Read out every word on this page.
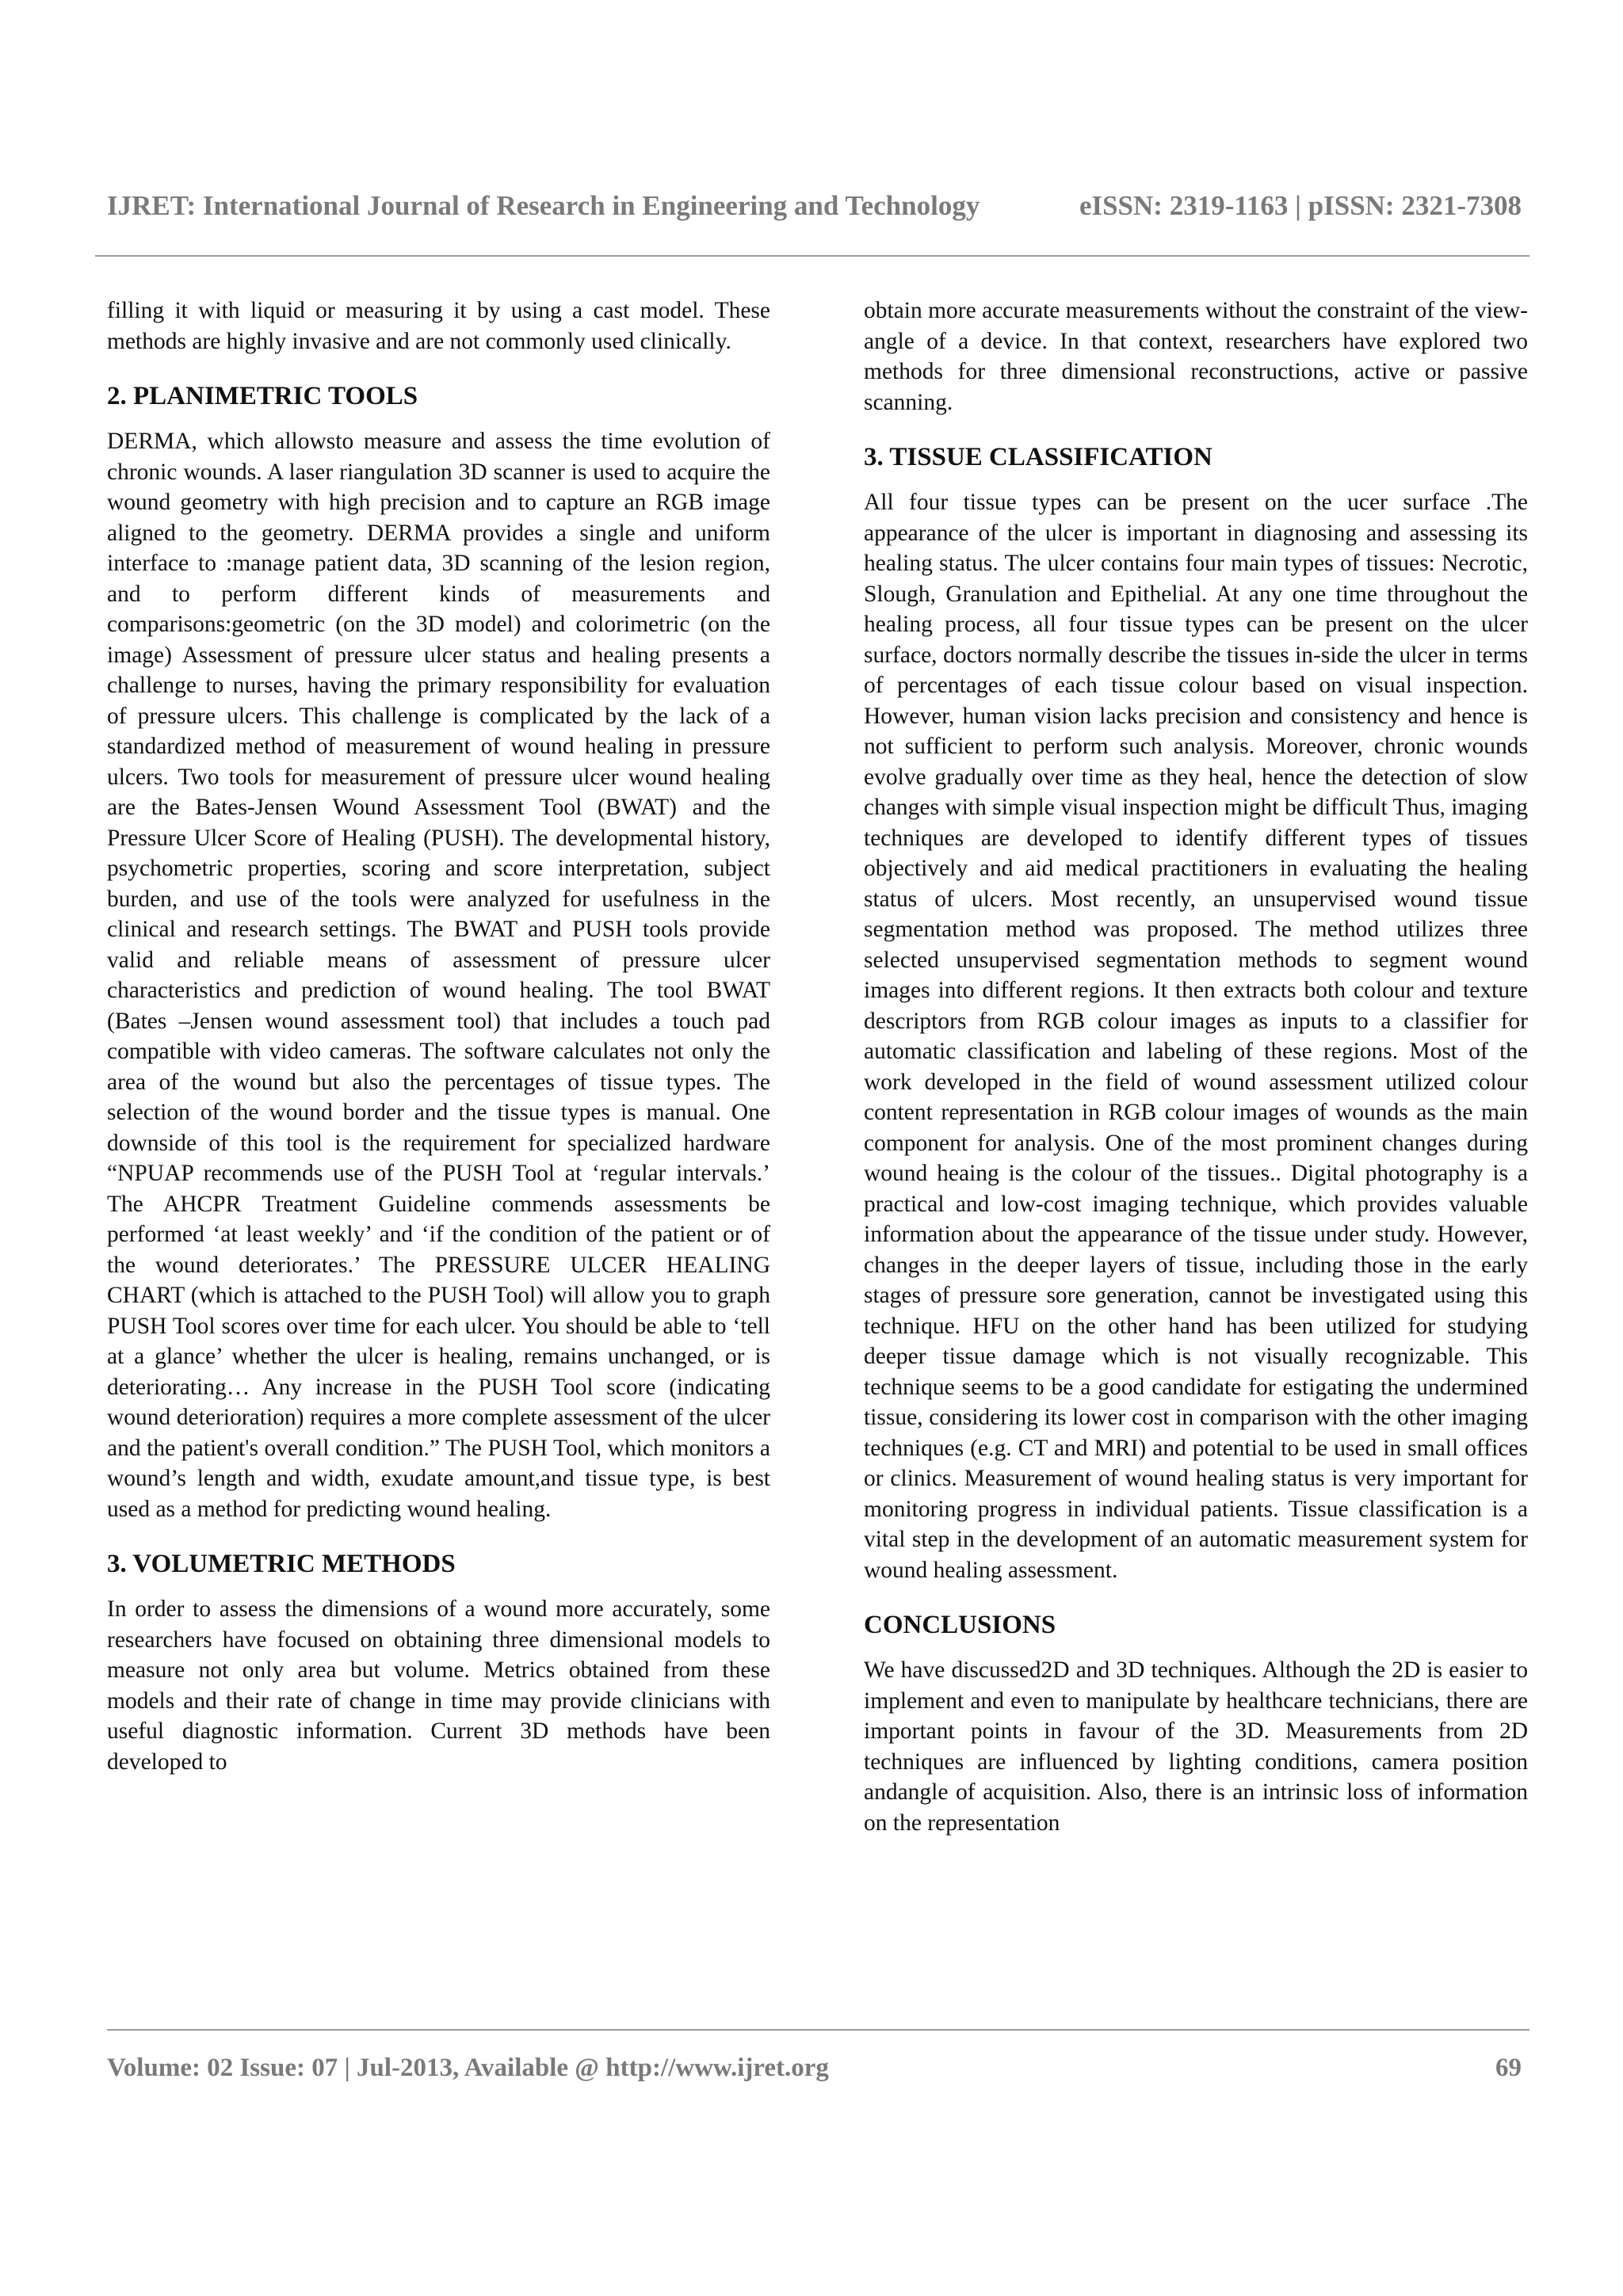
IJRET: International Journal of Research in Engineering and Technology	eISSN: 2319-1163 | pISSN: 2321-7308

filling it with liquid or measuring it by using a cast model. These methods are highly invasive and are not commonly used clinically.

2. PLANIMETRIC TOOLS

DERMA, which allowsto measure and assess the time evolution of chronic wounds. A laser riangulation 3D scanner is used to acquire the wound geometry with high precision and to capture an RGB image aligned to the geometry. DERMA provides a single and uniform interface to :manage patient data, 3D scanning of the lesion region, and to perform different kinds of measurements and comparisons:geometric (on the 3D model) and colorimetric (on the image) Assessment of pressure ulcer status and healing presents a challenge to nurses, having the primary responsibility for evaluation of pressure ulcers. This challenge is complicated by the lack of a standardized method of measurement of wound healing in pressure ulcers. Two tools for measurement of pressure ulcer wound healing are the Bates-Jensen Wound Assessment Tool (BWAT) and the Pressure Ulcer Score of Healing (PUSH). The developmental history, psychometric properties, scoring and score interpretation, subject burden, and use of the tools were analyzed for usefulness in the clinical and research settings. The BWAT and PUSH tools provide valid and reliable means of assessment of pressure ulcer characteristics and prediction of wound healing. The tool BWAT (Bates –Jensen wound assessment tool) that includes a touch pad compatible with video cameras. The software calculates not only the area of the wound but also the percentages of tissue types. The selection of the wound border and the tissue types is manual. One downside of this tool is the requirement for specialized hardware “NPUAP recommends use of the PUSH Tool at ‘regular intervals.’ The AHCPR Treatment Guideline commends assessments be performed ‘at least weekly’ and ‘if the condition of the patient or of the wound deteriorates.’ The PRESSURE ULCER HEALING CHART (which is attached to the PUSH Tool) will allow you to graph PUSH Tool scores over time for each ulcer. You should be able to ‘tell at a glance’ whether the ulcer is healing, remains unchanged, or is deteriorating… Any increase in the PUSH Tool score (indicating wound deterioration) requires a more complete assessment of the ulcer and the patient's overall condition.” The PUSH Tool, which monitors a wound’s length and width, exudate amount,and tissue type, is best used as a method for predicting wound healing.

3. VOLUMETRIC METHODS

In order to assess the dimensions of a wound more accurately, some researchers have focused on obtaining three dimensional models to measure not only area but volume. Metrics obtained from these models and their rate of change in time may provide clinicians with useful diagnostic information. Current 3D methods have been developed to

obtain more accurate measurements without the constraint of the view-angle of a device. In that context, researchers have explored two methods for three dimensional reconstructions, active or passive scanning.

3. TISSUE CLASSIFICATION

All four tissue types can be present on the ucer surface .The appearance of the ulcer is important in diagnosing and assessing its healing status. The ulcer contains four main types of tissues: Necrotic, Slough, Granulation and Epithelial. At any one time throughout the healing process, all four tissue types can be present on the ulcer surface, doctors normally describe the tissues in-side the ulcer in terms of percentages of each tissue colour based on visual inspection. However, human vision lacks precision and consistency and hence is not sufficient to perform such analysis. Moreover, chronic wounds evolve gradually over time as they heal, hence the detection of slow changes with simple visual inspection might be difficult Thus, imaging techniques are developed to identify different types of tissues objectively and aid medical practitioners in evaluating the healing status of ulcers. Most recently, an unsupervised wound tissue segmentation method was proposed. The method utilizes three selected unsupervised segmentation methods to segment wound images into different regions. It then extracts both colour and texture descriptors from RGB colour images as inputs to a classifier for automatic classification and labeling of these regions. Most of the work developed in the field of wound assessment utilized colour content representation in RGB colour images of wounds as the main component for analysis. One of the most prominent changes during wound heaing is the colour of the tissues.. Digital photography is a practical and low-cost imaging technique, which provides valuable information about the appearance of the tissue under study. However, changes in the deeper layers of tissue, including those in the early stages of pressure sore generation, cannot be investigated using this technique. HFU on the other hand has been utilized for studying deeper tissue damage which is not visually recognizable. This technique seems to be a good candidate for estigating the undermined tissue, considering its lower cost in comparison with the other imaging techniques (e.g. CT and MRI) and potential to be used in small offices or clinics. Measurement of wound healing status is very important for monitoring progress in individual patients. Tissue classification is a vital step in the development of an automatic measurement system for wound healing assessment.

CONCLUSIONS

We have discussed2D and 3D techniques. Although the 2D is easier to implement and even to manipulate by healthcare technicians, there are important points in favour of the 3D. Measurements from 2D techniques are influenced by lighting conditions, camera position andangle of acquisition. Also, there is an intrinsic loss of information on the representation

Volume: 02 Issue: 07 | Jul-2013, Available @ http://www.ijret.org	69
